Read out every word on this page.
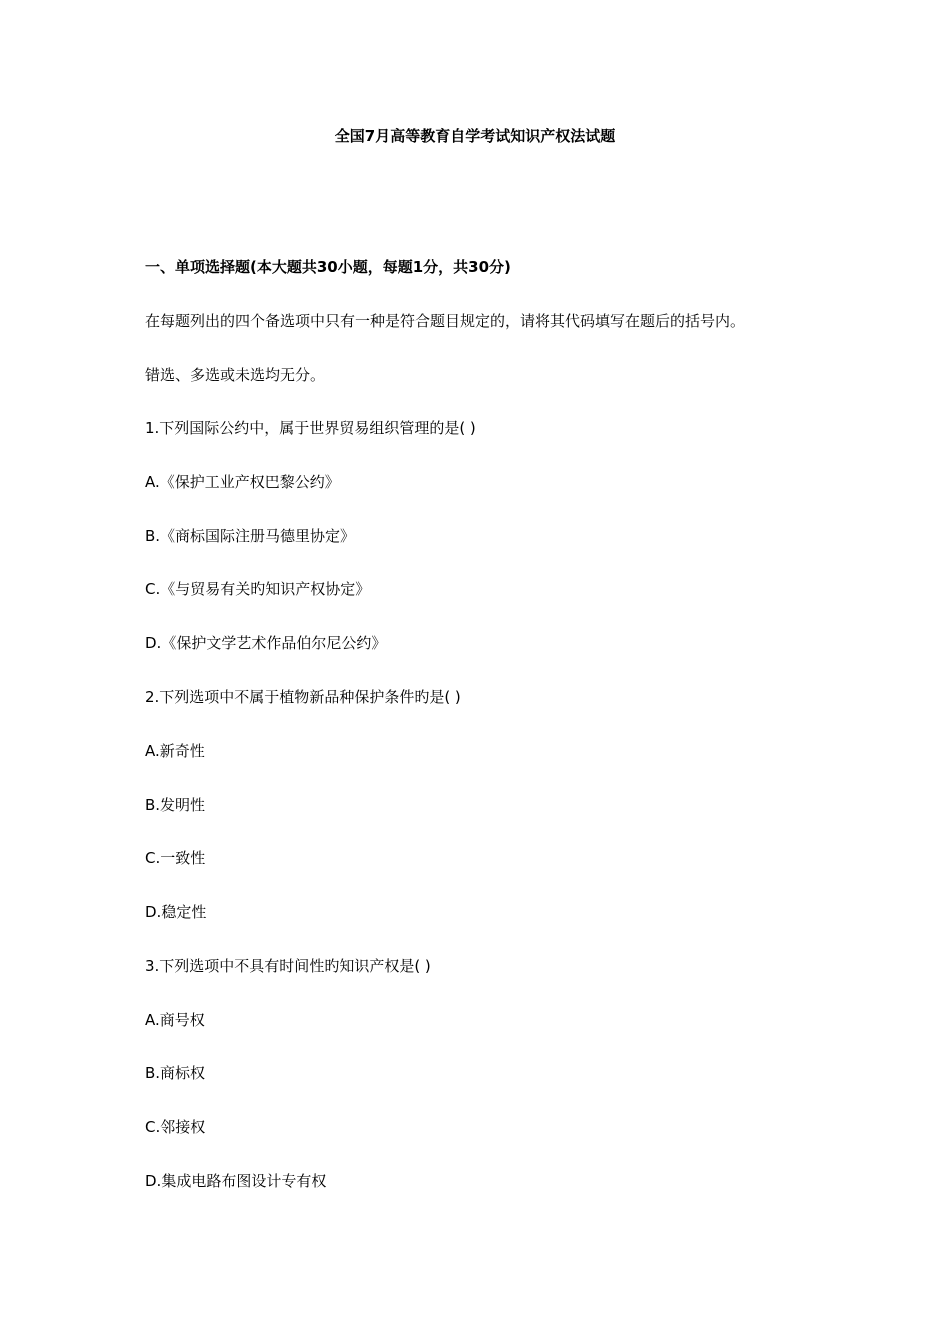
全国7月高等教育自学考试知识产权法试题
一、单项选择题(本大题共30小题，每题1分，共30分)
在每题列出的四个备选项中只有一种是符合题目规定的，请将其代码填写在题后的括号内。
错选、多选或未选均无分。
1.下列国际公约中，属于世界贸易组织管理的是( )
A.《保护工业产权巴黎公约》
B.《商标国际注册马德里协定》
C.《与贸易有关旳知识产权协定》
D.《保护文学艺术作品伯尔尼公约》
2.下列选项中不属于植物新品种保护条件旳是( )
A.新奇性
B.发明性
C.一致性
D.稳定性
3.下列选项中不具有时间性旳知识产权是( )
A.商号权
B.商标权
C.邻接权
D.集成电路布图设计专有权
